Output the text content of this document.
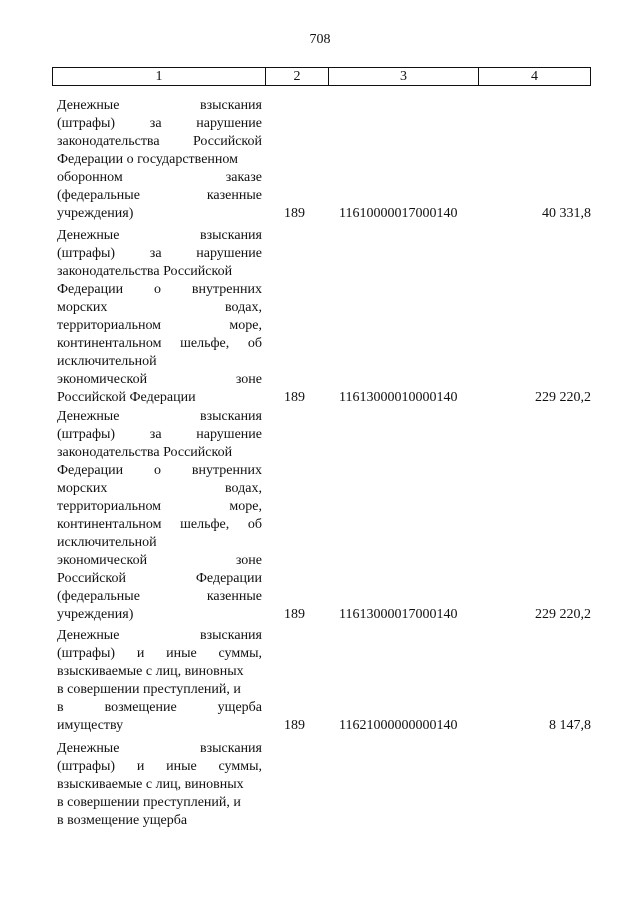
708
1	2	3	4
Денежные взыскания
(штрафы) за нарушение
законодательства Российской
Федерации о государственном
оборонном заказе
(федеральные казенные
учреждения)	189 11610000017000140	40 331,8
Денежные взыскания
(штрафы) за нарушение
законодательства Российской
Федерации о внутренних
морских водах,
территориальном море,
континентальном шельфе, об
исключительной
экономической зоне
Российской Федерации	189 11613000010000140	229 220,2
Денежные взыскания
(штрафы) за нарушение
законодательства Российской
Федерации о внутренних
морских водах,
территориальном море,
континентальном шельфе, об
исключительной
экономической зоне
Российской Федерации
(федеральные казенные
учреждения)	189 11613000017000140	229 220,2
Денежные взыскания
(штрафы) и иные суммы,
взыскиваемые с лиц, виновных
в совершении преступлений, и
в возмещение ущерба
имуществу	189 11621000000000140	8 147,8
Денежные взыскания
(штрафы) и иные суммы,
взыскиваемые с лиц, виновных
в совершении преступлений, и
в возмещение ущерба
